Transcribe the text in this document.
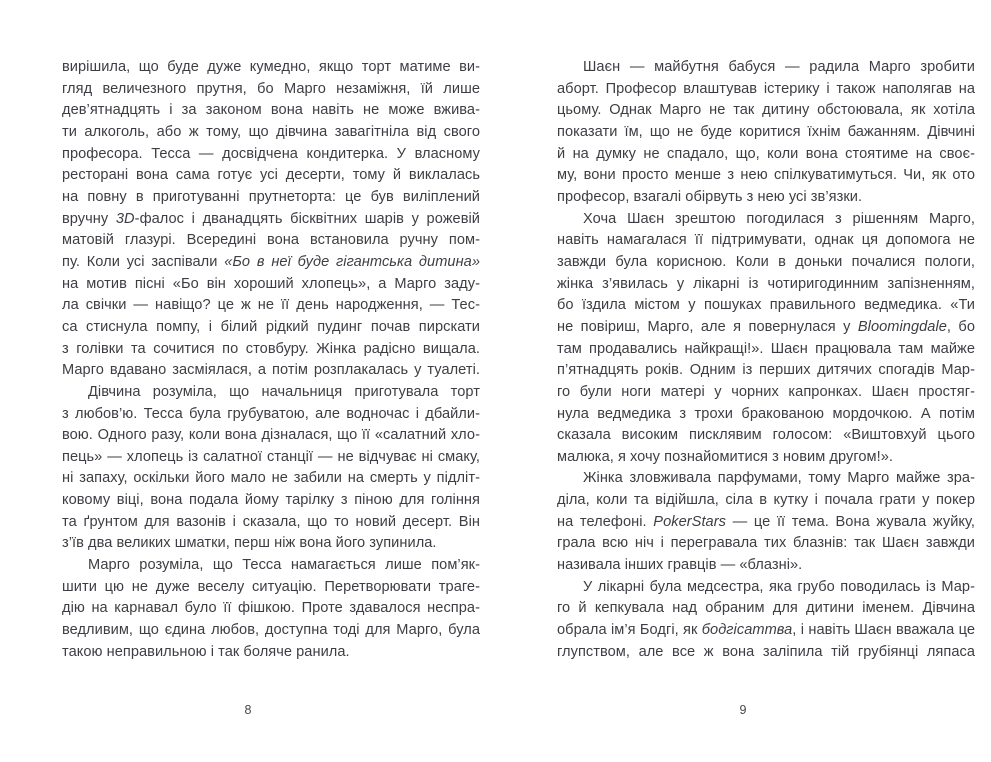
вирішила, що буде дуже кумедно, якщо торт матиме ви-
гляд величезного прутня, бо Марго незаміжня, їй лише
дев’ятнадцять і за законом вона навіть не може вжива-
ти алкоголь, або ж тому, що дівчина завагітніла від свого
професора. Тесса — досвідчена кондитерка. У власному
ресторані вона сама готує усі десерти, тому й виклалась
на повну в приготуванні прутнеторта: це був виліплений
вручну 3D-фалос і дванадцять бісквітних шарів у рожевій
матовій глазурі. Всередині вона встановила ручну пом-
пу. Коли усі заспівали «Бо в неї буде гігантська дитина»
на мотив пісні «Бо він хороший хлопець», а Марго заду-
ла свічки — навіщо? це ж не її день народження, — Тес-
са стиснула помпу, і білий рідкий пудинг почав пирскати
з голівки та сочитися по стовбуру. Жінка радісно вищала.
Марго вдавано засміялася, а потім розплакалась у туалеті.
Дівчина розуміла, що начальниця приготувала торт
з любов’ю. Тесса була грубуватою, але водночас і дбайли-
вою. Одного разу, коли вона дізналася, що її «салатний хло-
пець» — хлопець із салатної станції — не відчуває ні смаку,
ні запаху, оскільки його мало не забили на смерть у підліт-
ковому віці, вона подала йому тарілку з піною для гоління
та ґрунтом для вазонів і сказала, що то новий десерт. Він
з’їв два великих шматки, перш ніж вона його зупинила.
Марго розуміла, що Тесса намагається лише пом’як-
шити цю не дуже веселу ситуацію. Перетворювати траге-
дію на карнавал було її фішкою. Проте здавалося неспра-
ведливим, що єдина любов, доступна тоді для Марго, була
такою неправильною і так боляче ранила.
Шаєн — майбутня бабуся — радила Марго зробити
аборт. Професор влаштував істерику і також наполягав на
цьому. Однак Марго не так дитину обстоювала, як хотіла
показати їм, що не буде коритися їхнім бажанням. Дівчині
й на думку не спадало, що, коли вона стоятиме на своє-
му, вони просто менше з нею спілкуватимуться. Чи, як ото
професор, взагалі обірвуть з нею усі зв’язки.
Хоча Шаєн зрештою погодилася з рішенням Марго,
навіть намагалася її підтримувати, однак ця допомога не
завжди була корисною. Коли в доньки почалися пологи,
жінка з’явилась у лікарні із чотиригодинним запізненням,
бо їздила містом у пошуках правильного ведмедика. «Ти
не повіриш, Марго, але я повернулася у Bloomingdale, бо
там продавались найкращі!». Шаєн працювала там майже
п’ятнадцять років. Одним із перших дитячих спогадів Мар-
го були ноги матері у чорних капронках. Шаєн простяг-
нула ведмедика з трохи бракованою мордочкою. А потім
сказала високим писклявим голосом: «Виштовхуй цього
малюка, я хочу познайомитися з новим другом!».
Жінка зловживала парфумами, тому Марго майже зра-
діла, коли та відійшла, сіла в кутку і почала грати у покер
на телефоні. PokerStars — це її тема. Вона жувала жуйку,
грала всю ніч і перегравала тих блазнів: так Шаєн завжди
називала інших гравців — «блазні».
У лікарні була медсестра, яка грубо поводилась із Мар-
го й кепкувала над обраним для дитини іменем. Дівчина
обрала ім’я Бодгі, як бодгісаттва, і навіть Шаєн вважала це
глупством, але все ж вона заліпила тій грубіянці ляпаса
8	9
